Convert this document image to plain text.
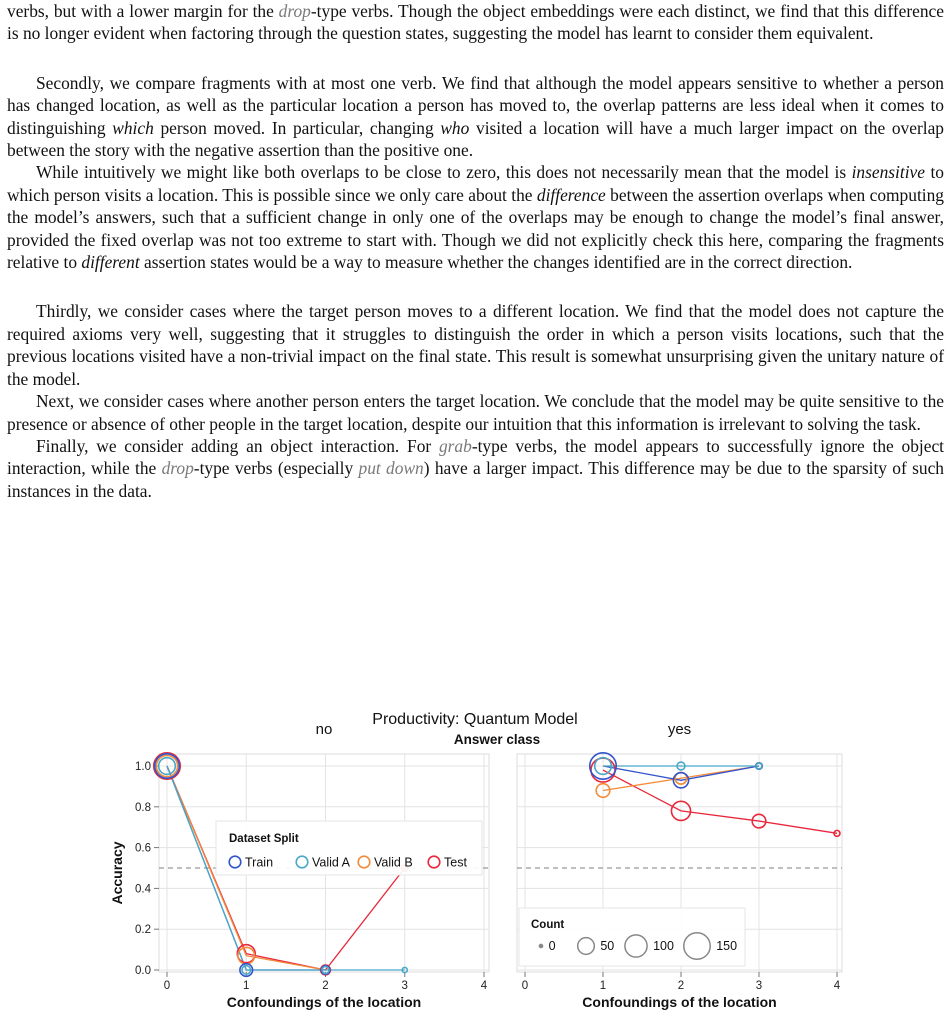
verbs, but with a lower margin for the drop-type verbs. Though the object embeddings were each distinct, we find that this difference is no longer evident when factoring through the question states, suggesting the model has learnt to consider them equivalent.

Secondly, we compare fragments with at most one verb. We find that although the model appears sensitive to whether a person has changed location, as well as the particular location a person has moved to, the overlap patterns are less ideal when it comes to distinguishing which person moved. In particular, changing who visited a location will have a much larger impact on the overlap between the story with the negative assertion than the positive one.

While intuitively we might like both overlaps to be close to zero, this does not necessarily mean that the model is insensitive to which person visits a location. This is possible since we only care about the difference between the assertion overlaps when computing the model’s answers, such that a sufficient change in only one of the overlaps may be enough to change the model’s final answer, provided the fixed overlap was not too extreme to start with. Though we did not explicitly check this here, comparing the fragments relative to different assertion states would be a way to measure whether the changes identified are in the correct direction.

Thirdly, we consider cases where the target person moves to a different location. We find that the model does not capture the required axioms very well, suggesting that it struggles to distinguish the order in which a person visits locations, such that the previous locations visited have a non-trivial impact on the final state. This result is somewhat unsurprising given the unitary nature of the model.

Next, we consider cases where another person enters the target location. We conclude that the model may be quite sensitive to the presence or absence of other people in the target location, despite our intuition that this information is irrelevant to solving the task.

Finally, we consider adding an object interaction. For grab-type verbs, the model appears to successfully ignore the object interaction, while the drop-type verbs (especially put down) have a larger impact. This difference may be due to the sparsity of such instances in the data.

Productivity: Quantum Model
Answer class
no
0	1	2	3	4
Confoundings of the location
0.0
0.2
0.4
0.6
0.8
1.0
yes
0	1	2	3	4
Confoundings of the location
Dataset Split
Train	Valid A Valid B	Test
Count
0	50	100	150
Accuracy
